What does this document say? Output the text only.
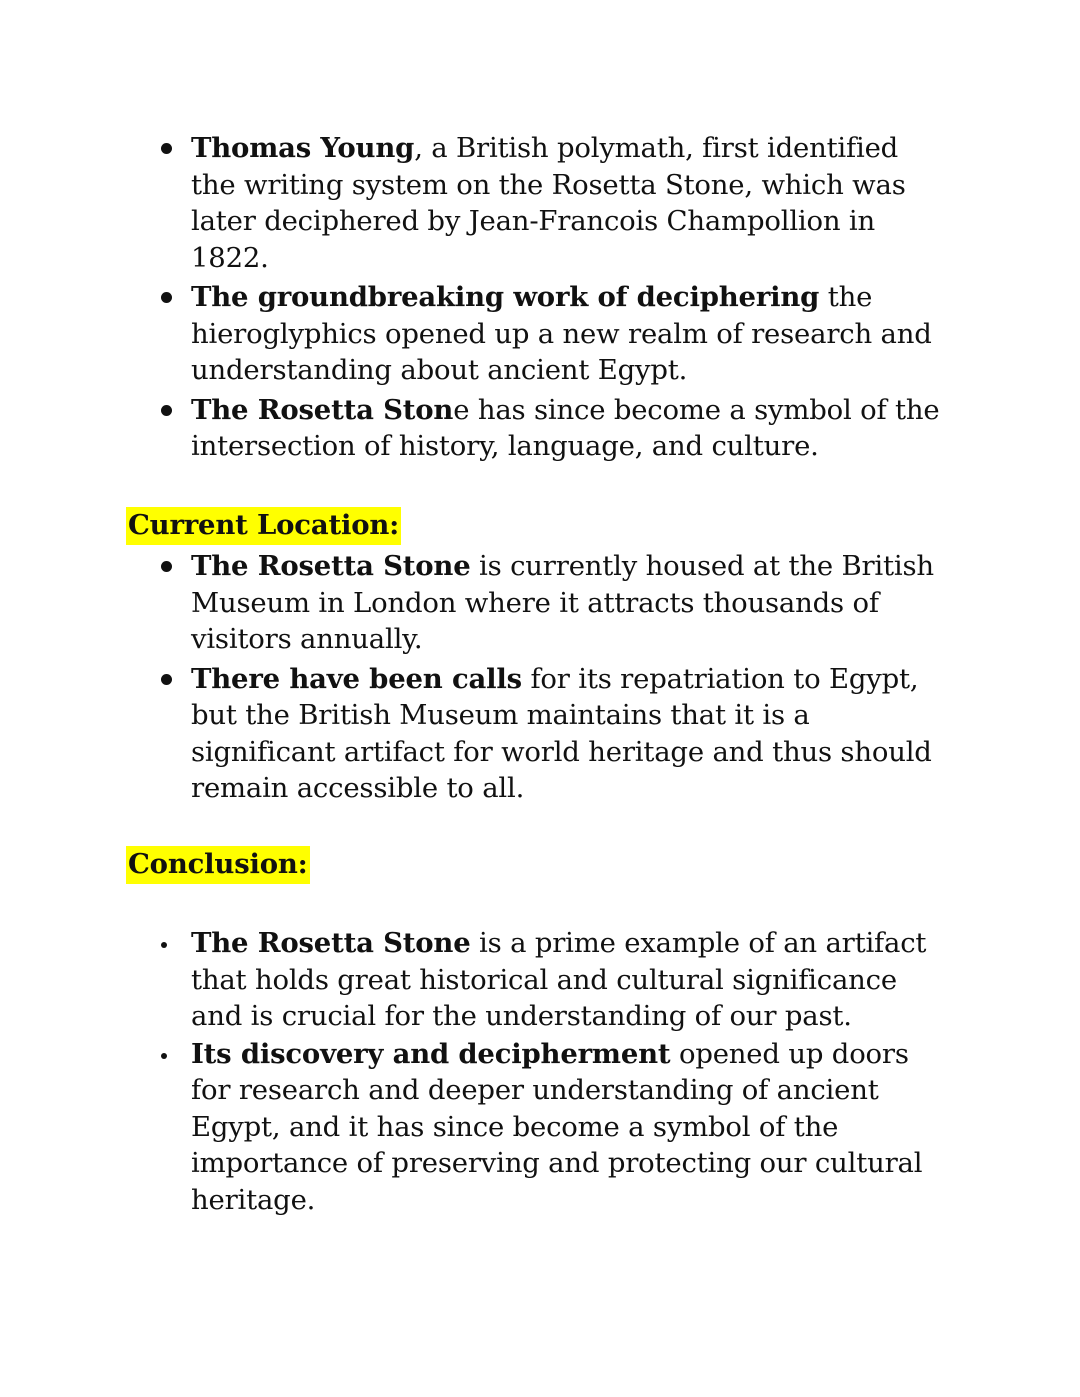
Thomas Young, a British polymath, first identified the writing system on the Rosetta Stone, which was later deciphered by Jean-Francois Champollion in 1822.
The groundbreaking work of deciphering the hieroglyphics opened up a new realm of research and understanding about ancient Egypt.
The Rosetta Stone has since become a symbol of the intersection of history, language, and culture.
Current Location:
The Rosetta Stone is currently housed at the British Museum in London where it attracts thousands of visitors annually.
There have been calls for its repatriation to Egypt, but the British Museum maintains that it is a significant artifact for world heritage and thus should remain accessible to all.
Conclusion:
The Rosetta Stone is a prime example of an artifact that holds great historical and cultural significance and is crucial for the understanding of our past.
Its discovery and decipherment opened up doors for research and deeper understanding of ancient Egypt, and it has since become a symbol of the importance of preserving and protecting our cultural heritage.
